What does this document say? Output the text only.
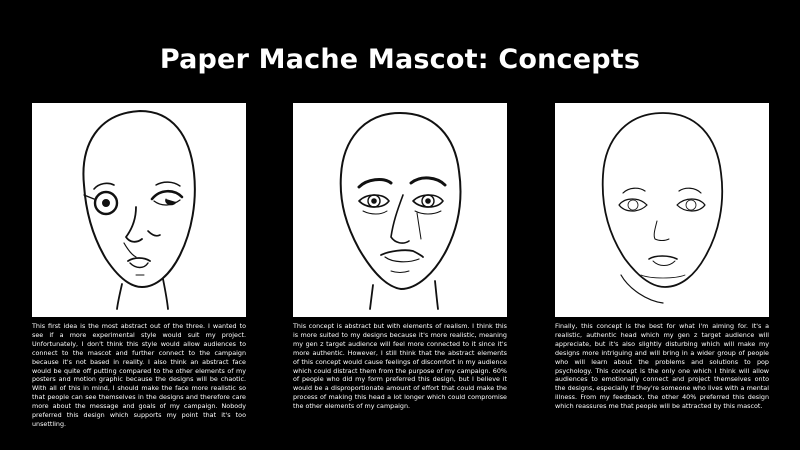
Paper Mache Mascot: Concepts

This first idea is the most abstract out of the three. I wanted to see if a more experimental style would suit my project. Unfortunately, I don't think this style would allow audiences to connect to the mascot and further connect to the campaign because it's not based in reality. I also think an abstract face would be quite off putting compared to the other elements of my posters and motion graphic because the designs will be chaotic. With all of this in mind, I should make the face more realistic so that people can see themselves in the designs and therefore care more about the message and goals of my campaign. Nobody preferred this design which supports my point that it's too unsettling.

This concept is abstract but with elements of realism. I think this is more suited to my designs because it's more realistic, meaning my gen z target audience will feel more connected to it since it's more authentic. However, I still think that the abstract elements of this concept would cause feelings of discomfort in my audience which could distract them from the purpose of my campaign. 60% of people who did my form preferred this design, but I believe it would be a disproportionate amount of effort that could make the process of making this head a lot longer which could compromise the other elements of my campaign.

Finally, this concept is the best for what I'm aiming for. It's a realistic, authentic head which my gen z target audience will appreciate, but it's also slightly disturbing which will make my designs more intriguing and will bring in a wider group of people who will learn about the problems and solutions to pop psychology. This concept is the only one which I think will allow audiences to emotionally connect and project themselves onto the designs, especially if they're someone who lives with a mental illness. From my feedback, the other 40% preferred this design which reassures me that people will be attracted by this mascot.
